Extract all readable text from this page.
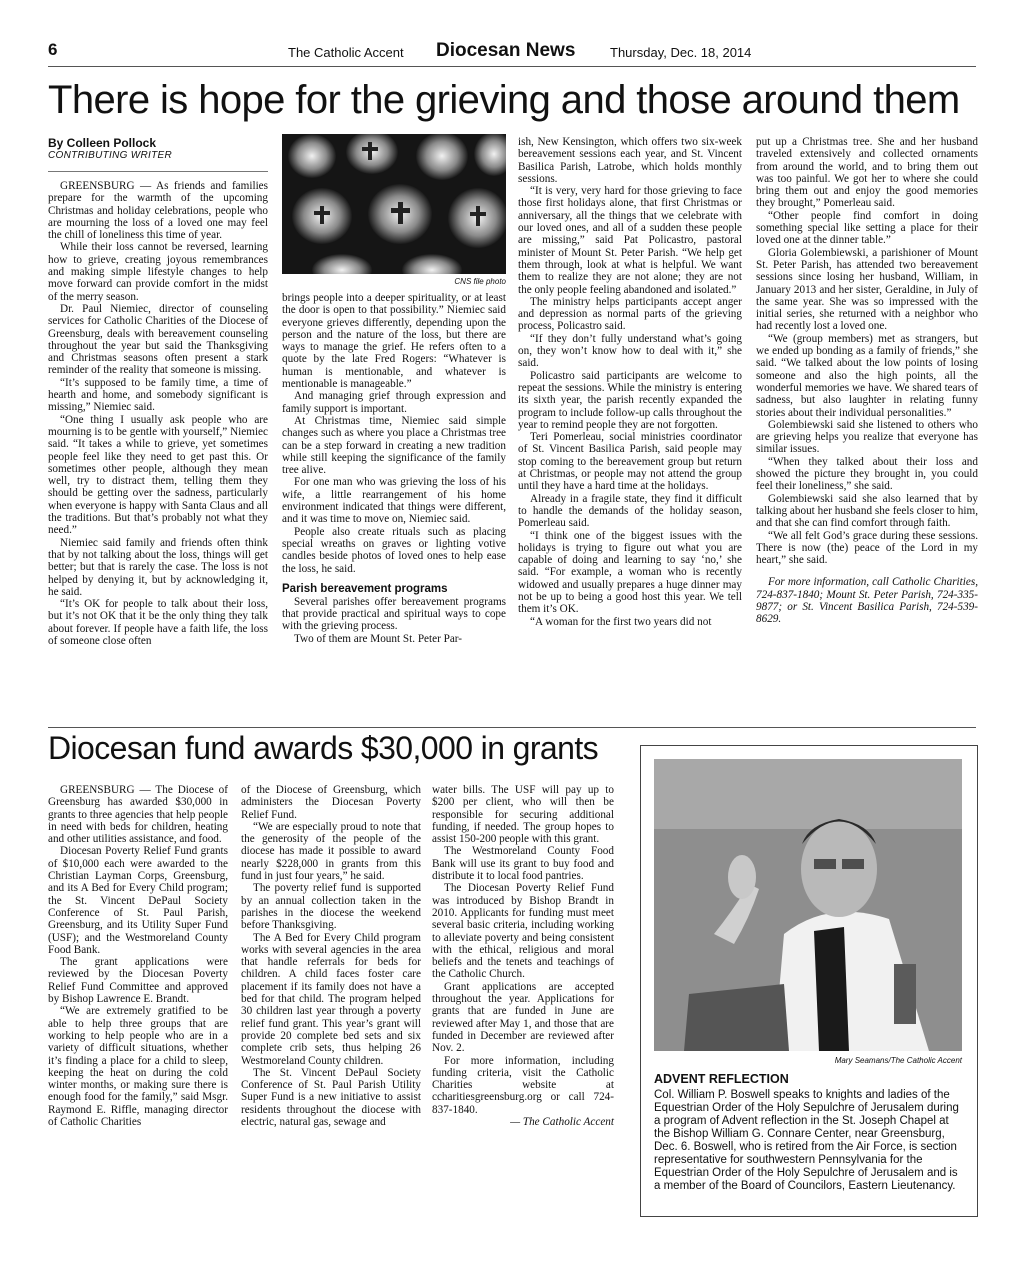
6	The Catholic Accent Diocesan News	Thursday, Dec. 18, 2014
There is hope for the grieving and those around them
By Colleen Pollock
CONTRIBUTING WRITER

GREENSBURG — As friends and families prepare for the warmth of the upcoming Christmas and holiday celebrations, people who are mourning the loss of a loved one may feel the chill of loneliness this time of year.

While their loss cannot be reversed, learning how to grieve, creating joyous remembrances and making simple lifestyle changes to help move forward can provide comfort in the midst of the merry season.

Dr. Paul Niemiec, director of counseling services for Catholic Charities of the Diocese of Greensburg, deals with bereavement counseling throughout the year but said the Thanksgiving and Christmas seasons often present a stark reminder of the reality that someone is missing.

“It’s supposed to be family time, a time of hearth and home, and somebody significant is missing,” Niemiec said.

“One thing I usually ask people who are mourning is to be gentle with yourself,” Niemiec said. “It takes a while to grieve, yet sometimes people feel like they need to get past this. Or sometimes other people, although they mean well, try to distract them, telling them they should be getting over the sadness, particularly when everyone is happy with Santa Claus and all the traditions. But that’s probably not what they need.”

Niemiec said family and friends often think that by not talking about the loss, things will get better; but that is rarely the case. The loss is not helped by denying it, but by acknowledging it, he said.

“It’s OK for people to talk about their loss, but it’s not OK that it be the only thing they talk about forever. If people have a faith life, the loss of someone close often

CNS file photo

brings people into a deeper spirituality, or at least the door is open to that possibility.” Niemiec said everyone grieves differently, depending upon the person and the nature of the loss, but there are ways to manage the grief. He refers often to a quote by the late Fred Rogers: “Whatever is human is mentionable, and whatever is mentionable is manageable.”

And managing grief through expression and family support is important.

At Christmas time, Niemiec said simple changes such as where you place a Christmas tree can be a step forward in creating a new tradition while still keeping the significance of the family tree alive.

For one man who was grieving the loss of his wife, a little rearrangement of his home environment indicated that things were different, and it was time to move on, Niemiec said.

People also create rituals such as placing special wreaths on graves or lighting votive candles beside photos of loved ones to help ease the loss, he said.

Parish bereavement programs

Several parishes offer bereavement programs that provide practical and spiritual ways to cope with the grieving process.

Two of them are Mount St. Peter Par-

ish, New Kensington, which offers two six-week bereavement sessions each year, and St. Vincent Basilica Parish, Latrobe, which holds monthly sessions.

“It is very, very hard for those grieving to face those first holidays alone, that first Christmas or anniversary, all the things that we celebrate with our loved ones, and all of a sudden these people are missing,” said Pat Policastro, pastoral minister of Mount St. Peter Parish. “We help get them through, look at what is helpful. We want them to realize they are not alone; they are not the only people feeling abandoned and isolated.”

The ministry helps participants accept anger and depression as normal parts of the grieving process, Policastro said.

“If they don’t fully understand what’s going on, they won’t know how to deal with it,” she said.

Policastro said participants are welcome to repeat the sessions. While the ministry is entering its sixth year, the parish recently expanded the program to include follow-up calls throughout the year to remind people they are not forgotten.

Teri Pomerleau, social ministries coordinator of St. Vincent Basilica Parish, said people may stop coming to the bereavement group but return at Christmas, or people may not attend the group until they have a hard time at the holidays.

Already in a fragile state, they find it difficult to handle the demands of the holiday season, Pomerleau said.

“I think one of the biggest issues with the holidays is trying to figure out what you are capable of doing and learning to say ‘no,’ she said. “For example, a woman who is recently widowed and usually prepares a huge dinner may not be up to being a good host this year. We tell them it’s OK.

“A woman for the first two years did not

put up a Christmas tree. She and her husband traveled extensively and collected ornaments from around the world, and to bring them out was too painful. We got her to where she could bring them out and enjoy the good memories they brought,” Pomerleau said.

“Other people find comfort in doing something special like setting a place for their loved one at the dinner table.”

Gloria Golembiewski, a parishioner of Mount St. Peter Parish, has attended two bereavement sessions since losing her husband, William, in January 2013 and her sister, Geraldine, in July of the same year. She was so impressed with the initial series, she returned with a neighbor who had recently lost a loved one.

“We (group members) met as strangers, but we ended up bonding as a family of friends,” she said. “We talked about the low points of losing someone and also the high points, all the wonderful memories we have. We shared tears of sadness, but also laughter in relating funny stories about their individual personalities.”

Golembiewski said she listened to others who are grieving helps you realize that everyone has similar issues.

“When they talked about their loss and showed the picture they brought in, you could feel their loneliness,” she said.

Golembiewski said she also learned that by talking about her husband she feels closer to him, and that she can find comfort through faith.

“We all felt God’s grace during these sessions. There is now (the) peace of the Lord in my heart,” she said.

For more information, call Catholic Charities, 724-837-1840; Mount St. Peter Parish, 724-335-9877; or St. Vincent Basilica Parish, 724-539-8629.

Diocesan fund awards $30,000 in grants

GREENSBURG — The Diocese of Greensburg has awarded $30,000 in grants to three agencies that help people in need with beds for children, heating and other utilities assistance, and food.

Diocesan Poverty Relief Fund grants of $10,000 each were awarded to the Christian Layman Corps, Greensburg, and its A Bed for Every Child program; the St. Vincent DePaul Society Conference of St. Paul Parish, Greensburg, and its Utility Super Fund (USF); and the Westmoreland County Food Bank.

The grant applications were reviewed by the Diocesan Poverty Relief Fund Committee and approved by Bishop Lawrence E. Brandt.

“We are extremely gratified to be able to help three groups that are working to help people who are in a variety of difficult situations, whether it’s finding a place for a child to sleep, keeping the heat on during the cold winter months, or making sure there is enough food for the family,” said Msgr. Raymond E. Riffle, managing director of Catholic Charities

of the Diocese of Greensburg, which administers the Diocesan Poverty Relief Fund.

“We are especially proud to note that the generosity of the people of the diocese has made it possible to award nearly $228,000 in grants from this fund in just four years,” he said.

The poverty relief fund is supported by an annual collection taken in the parishes in the diocese the weekend before Thanksgiving.

The A Bed for Every Child program works with several agencies in the area that handle referrals for beds for children. A child faces foster care placement if its family does not have a bed for that child. The program helped 30 children last year through a poverty relief fund grant. This year’s grant will provide 20 complete bed sets and six complete crib sets, thus helping 26 Westmoreland County children.

The St. Vincent DePaul Society Conference of St. Paul Parish Utility Super Fund is a new initiative to assist residents throughout the diocese with electric, natural gas, sewage and

water bills. The USF will pay up to $200 per client, who will then be responsible for securing additional funding, if needed. The group hopes to assist 150-200 people with this grant.

The Westmoreland County Food Bank will use its grant to buy food and distribute it to local food pantries.

The Diocesan Poverty Relief Fund was introduced by Bishop Brandt in 2010. Applicants for funding must meet several basic criteria, including working to alleviate poverty and being consistent with the ethical, religious and moral beliefs and the tenets and teachings of the Catholic Church.

Grant applications are accepted throughout the year. Applications for grants that are funded in June are reviewed after May 1, and those that are funded in December are reviewed after Nov. 2.

For more information, including funding criteria, visit the Catholic Charities website at ccharitiesgreensburg.org or call 724-837-1840.

— The Catholic Accent
Mary Seamans/The Catholic Accent

ADVENT REFLECTION

Col. William P. Boswell speaks to knights and ladies of the Equestrian Order of the Holy Sepulchre of Jerusalem during a program of Advent reflection in the St. Joseph Chapel at the Bishop William G. Connare Center, near Greensburg, Dec. 6. Boswell, who is retired from the Air Force, is section representative for southwestern Pennsylvania for the Equestrian Order of the Holy Sepulchre of Jerusalem and is a member of the Board of Councilors, Eastern Lieutenancy.
